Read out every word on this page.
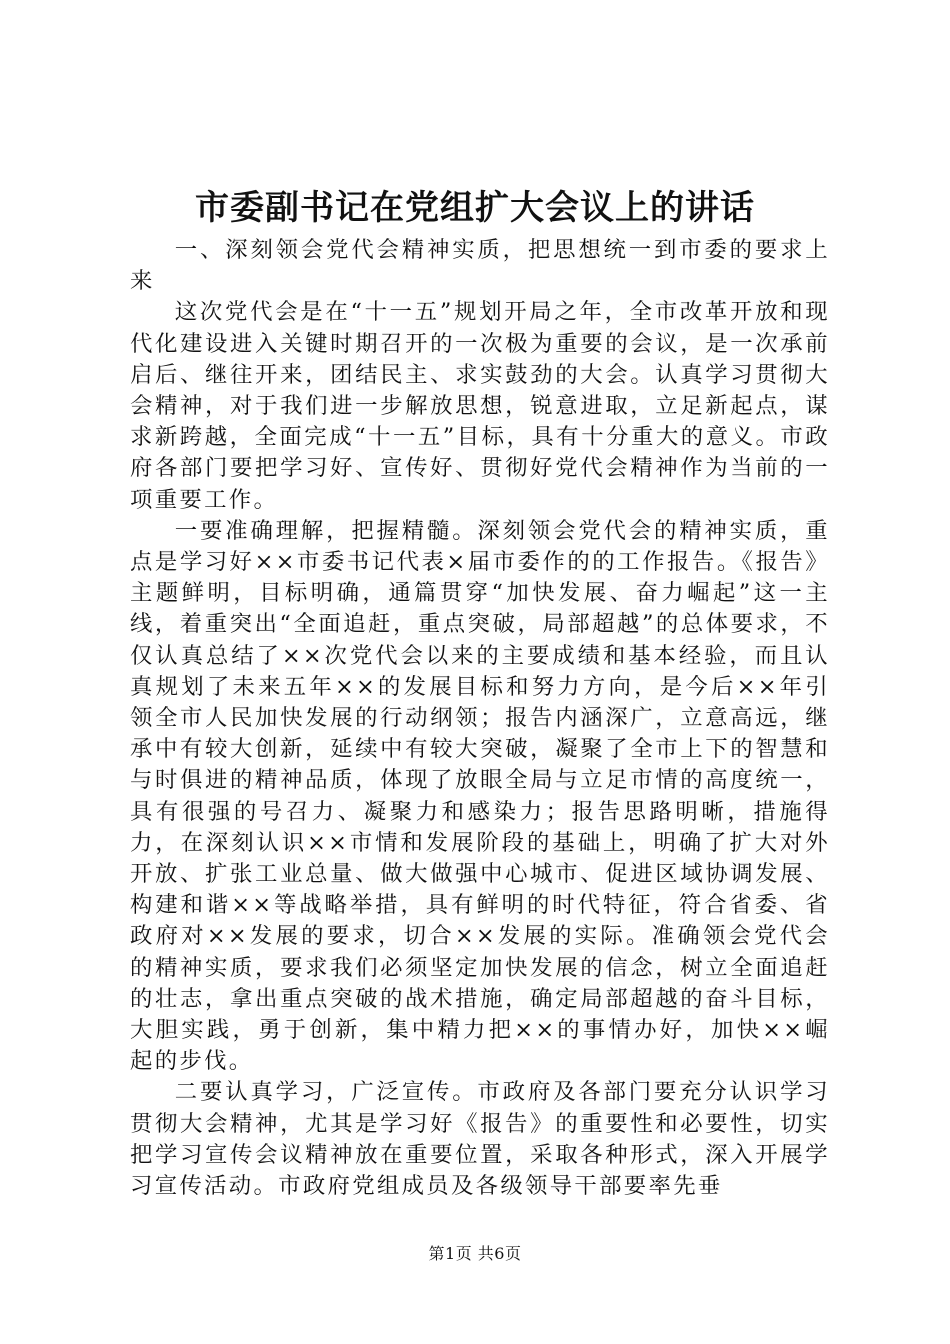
市委副书记在党组扩大会议上的讲话

一、深刻领会党代会精神实质，把思想统一到市委的要求上来

这次党代会是在“十一五”规划开局之年，全市改革开放和现代化建设进入关键时期召开的一次极为重要的会议，是一次承前启后、继往开来，团结民主、求实鼓劲的大会。认真学习贯彻大会精神，对于我们进一步解放思想，锐意进取，立足新起点，谋求新跨越，全面完成“十一五”目标，具有十分重大的意义。市政府各部门要把学习好、宣传好、贯彻好党代会精神作为当前的一项重要工作。

一要准确理解，把握精髓。深刻领会党代会的精神实质，重点是学习好××市委书记代表×届市委作的的工作报告。《报告》主题鲜明，目标明确，通篇贯穿“加快发展、奋力崛起”这一主线，着重突出“全面追赶，重点突破，局部超越”的总体要求，不仅认真总结了××次党代会以来的主要成绩和基本经验，而且认真规划了未来五年××的发展目标和努力方向，是今后××年引领全市人民加快发展的行动纲领；报告内涵深广，立意高远，继承中有较大创新，延续中有较大突破，凝聚了全市上下的智慧和与时俱进的精神品质，体现了放眼全局与立足市情的高度统一，具有很强的号召力、凝聚力和感染力；报告思路明晰，措施得力，在深刻认识××市情和发展阶段的基础上，明确了扩大对外开放、扩张工业总量、做大做强中心城市、促进区域协调发展、构建和谐××等战略举措，具有鲜明的时代特征，符合省委、省政府对××发展的要求，切合××发展的实际。准确领会党代会的精神实质，要求我们必须坚定加快发展的信念，树立全面追赶的壮志，拿出重点突破的战术措施，确定局部超越的奋斗目标，大胆实践，勇于创新，集中精力把××的事情办好，加快××崛起的步伐。

二要认真学习，广泛宣传。市政府及各部门要充分认识学习贯彻大会精神，尤其是学习好《报告》的重要性和必要性，切实把学习宣传会议精神放在重要位置，采取各种形式，深入开展学习宣传活动。市政府党组成员及各级领导干部要率先垂

第1页 共6页
